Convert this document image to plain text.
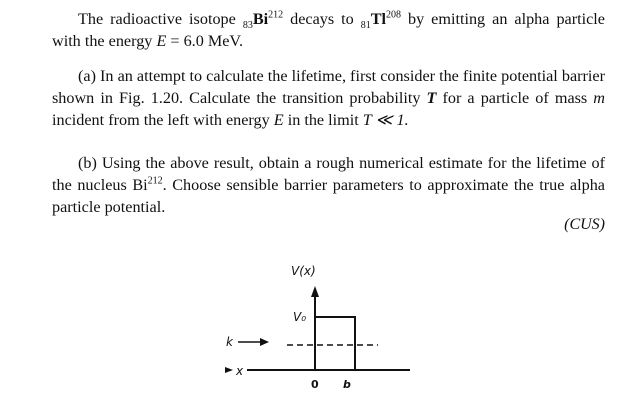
The radioactive isotope $_{83}Bi^{212}$ decays to $_{81}Tl^{208}$ by emitting an alpha particle with the energy E = 6.0 MeV.
(a) In an attempt to calculate the lifetime, first consider the finite potential barrier shown in Fig. 1.20. Calculate the transition probability T for a particle of mass m incident from the left with energy E in the limit T ≪ 1.
(b) Using the above result, obtain a rough numerical estimate for the lifetime of the nucleus Bi$^{212}$. Choose sensible barrier parameters to approximate the true alpha particle potential.
(CUS)
V(x)
V₀
k
x
0 b
